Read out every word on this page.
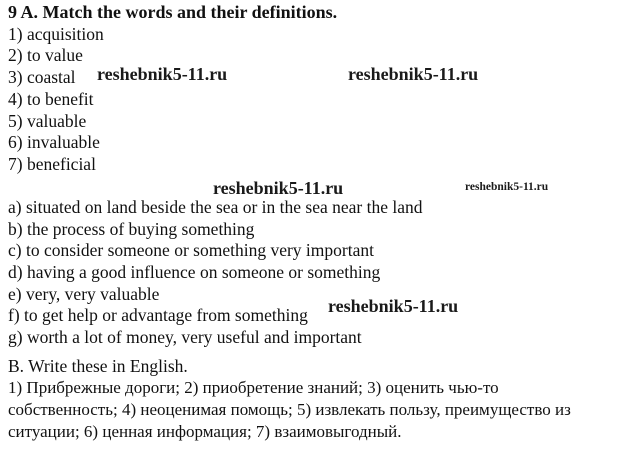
9 A. Match the words and their definitions.
1) acquisition
2) to value
3) coastal
4) to benefit
5) valuable
6) invaluable
7) beneficial
a) situated on land beside the sea or in the sea near the land
b) the process of buying something
c) to consider someone or something very important
d) having a good influence on someone or something
e) very, very valuable
f) to get help or advantage from something
g) worth a lot of money, very useful and important
B. Write these in English.
1) Прибрежные дороги; 2) приобретение знаний; 3) оценить чью-то
собственность; 4) неоценимая помощь; 5) извлекать пользу, преимущество из
ситуации; 6) ценная информация; 7) взаимовыгодный.
reshebnik5-11.ru	reshebnik5-11.ru
reshebnik5-11.ru	reshebnik5-11.ru
reshebnik5-11.ru
